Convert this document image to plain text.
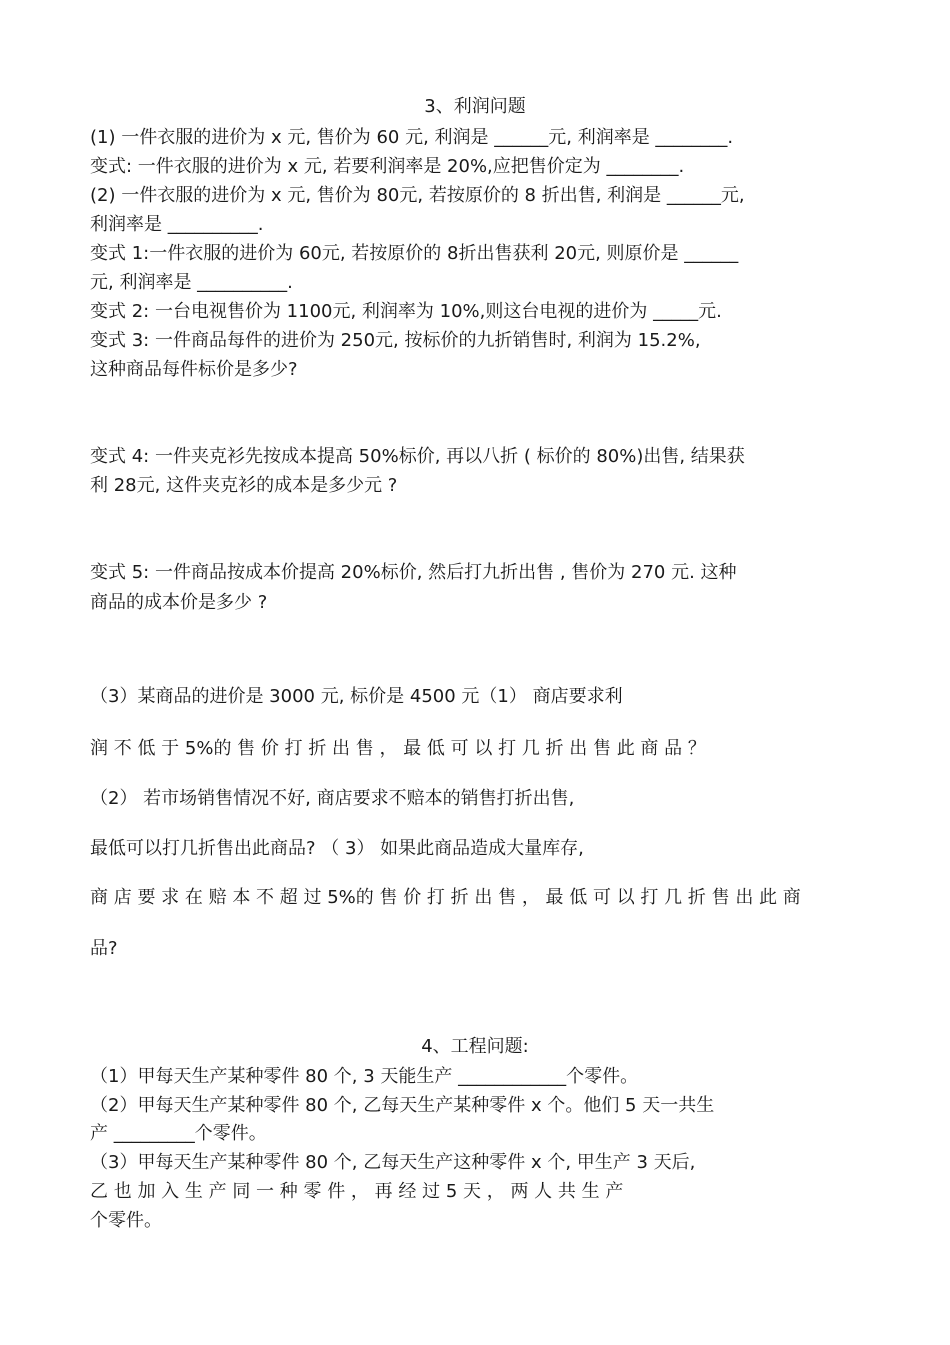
3、利润问题
(1) 一件衣服的进价为 x 元, 售价为 60 元, 利润是 ______元, 利润率是 ________.
变式: 一件衣服的进价为 x 元, 若要利润率是 20%,应把售价定为 ________.
(2) 一件衣服的进价为 x 元, 售价为 80元, 若按原价的 8 折出售, 利润是 ______元,
利润率是 __________.
变式 1:一件衣服的进价为 60元, 若按原价的 8折出售获利 20元, 则原价是 ______
元, 利润率是 __________.
变式 2: 一台电视售价为 1100元, 利润率为 10%,则这台电视的进价为 _____元.
变式 3: 一件商品每件的进价为 250元, 按标价的九折销售时, 利润为 15.2%,
这种商品每件标价是多少?
变式 4: 一件夹克衫先按成本提高 50%标价, 再以八折 ( 标价的 80%)出售, 结果获
利 28元, 这件夹克衫的成本是多少元 ?
变式 5: 一件商品按成本价提高 20%标价, 然后打九折出售 , 售价为 270 元. 这种
商品的成本价是多少 ?
（3）某商品的进价是 3000 元, 标价是 4500 元（1） 商店要求利
润 不 低 于 5%的 售 价 打 折 出 售 ， 最 低 可 以 打 几 折 出 售 此 商 品 ？
（2） 若市场销售情况不好, 商店要求不赔本的销售打折出售,
最低可以打几折售出此商品? （ 3） 如果此商品造成大量库存,
商 店 要 求 在 赔 本 不 超 过 5%的 售 价 打 折 出 售 ， 最 低 可 以 打 几 折 售 出 此 商
品?
4、工程问题:
（1）甲每天生产某种零件 80 个, 3 天能生产 ____________个零件。
（2）甲每天生产某种零件 80 个, 乙每天生产某种零件 x 个。他们 5 天一共生
产 _________个零件。
（3）甲每天生产某种零件 80 个, 乙每天生产这种零件 x 个, 甲生产 3 天后,
乙 也 加 入 生 产 同 一 种 零 件 ， 再 经 过 5 天 ， 两 人 共 生 产
个零件。
